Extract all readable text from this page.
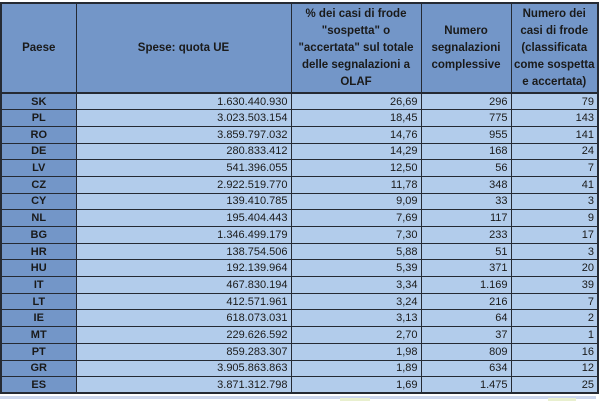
Paese	Spese: quota UE	% dei casi di frode "sospetta" o "accertata" sul totale delle segnalazioni a OLAF	Numero segnalazioni complessive	Numero dei casi di frode (classificata come sospetta e accertata)
SK	1.630.440.930	26,69	296	79
PL	3.023.503.154	18,45	775	143
RO	3.859.797.032	14,76	955	141
DE	280.833.412	14,29	168	24
LV	541.396.055	12,50	56	7
CZ	2.922.519.770	11,78	348	41
CY	139.410.785	9,09	33	3
NL	195.404.443	7,69	117	9
BG	1.346.499.179	7,30	233	17
HR	138.754.506	5,88	51	3
HU	192.139.964	5,39	371	20
IT	467.830.194	3,34	1.169	39
LT	412.571.961	3,24	216	7
IE	618.073.031	3,13	64	2
MT	229.626.592	2,70	37	1
PT	859.283.307	1,98	809	16
GR	3.905.863.863	1,89	634	12
ES	3.871.312.798	1,69	1.475	25
